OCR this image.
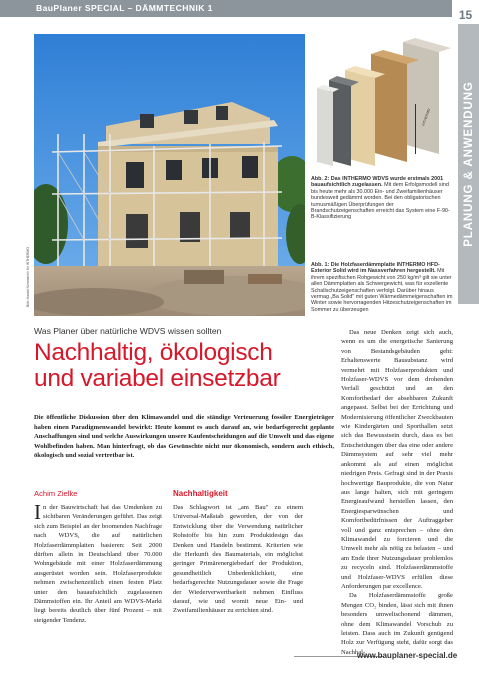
BauPlaner SPECIAL – DÄMMTECHNIK 1	15
PLANUNG & ANWENDUNG
Bild: Harald Nümmerich für INTHERMO
INTHERMO
Abb. 2: Das INTHERMO WDVS wurde erstmals 2001 bauaufsichtlich zugelassen. Mit dem Erfolgsmodell sind bis heute mehr als 30.000 Ein- und Zweifamilienhäuser bundesweit gedämmt worden. Bei den obligatorischen turnusmäßigen Überprüfungen der Brandschutzeigenschaften erreicht das System eine F-90-B-Klassifizierung
Abb. 1: Die Holzfaserdämmplatte INTHERMO HFD-Exterior Solid wird im Nassverfahren hergestellt. Mit ihrem spezifischen Rohgewicht von 250 kg/m³ gilt sie unter allen Dämmplatten als Schwergewicht, was für exzellente Schallschutzeigenschaften verfolgt. Darüber hinaus vermag „Ba Solid" mit guten Wärmedämmeigenschaften im Winter sowie hervorragenden Hitzeschutzeigenschaften im Sommer zu überzeugen
Was Planer über natürliche WDVS wissen sollten
Nachhaltig, ökologisch
und variabel einsetzbar
Die öffentliche Diskussion über den Klimawandel und die ständige Verteuerung fossiler Energieträger haben einen Paradigmenwandel bewirkt: Heute kommt es auch darauf an, wie bedarfsgerecht geplante Anschaffungen sind und welche Auswirkungen unsere Kaufentscheidungen auf die Umwelt und das eigene Wohlbefinden haben. Man hinterfragt, ob das Gewünschte nicht nur ökonomisch, sondern auch ethisch, ökologisch und sozial vertretbar ist.
Achim Zielke	Nachhaltigkeit
In der Bauwirtschaft hat das Umdenken zu sichtbaren Veränderungen geführt. Das zeigt sich zum Beispiel an der boomenden Nachfrage nach WDVS, die auf natürlichen Holzfaserdämmplatten basieren: Seit 2000 dürften allein in Deutschland über 70.000 Wohngebäude mit einer Holzfaserdämmung ausgerüstet worden sein. Holzfaserprodukte nehmen zwischenzeitlich einen festen Platz unter den bauaufsichtlich zugelassenen Dämmstoffen ein. Ihr Anteil am WDVS-Markt liegt bereits deutlich über fünf Prozent – mit steigender Tendenz.
Das Schlagwort ist „am Bau" zu einem Universal-Maßstab geworden, der von der Entwicklung über die Verwendung natürlicher Rohstoffe bis hin zum Produktdesign das Denken und Handeln bestimmt. Kriterien wie die Herkunft des Baumaterials, ein möglichst geringer Primärenergiebedarf der Produktion, gesundheitlich Unbedenklichkeit, eine bedarfsgerechte Nutzungsdauer sowie die Frage der Wiederverwertbarkeit nehmen Einfluss darauf, wie und womit neue Ein- und Zweifamilienhäuser zu errichten sind.
Das neue Denken zeigt sich auch, wenn es um die energetische Sanierung von Bestandsgebäuden geht: Erhaltenswerte Bausubstanz wird vermehrt mit Holzfaserprodukten und Holzfaser-WDVS vor dem drohenden Verfall geschützt und an den Komfortbedarf der absehbaren Zukunft angepasst. Selbst bei der Errichtung und Modernisierung öffentlicher Zweckbauten wie Kindergärten und Sporthallen setzt sich das Bewusstsein durch, dass es bei Entscheidungen über das eine oder andere Dämmsystem auf sehr viel mehr ankommt als auf einen möglichst niedrigen Preis. Gefragt sind in der Praxis hochwertige Bauprodukte, die von Natur aus lange halten, sich mit geringem Energieaufwand herstellen lassen, den Energiesparwünschen und Komfortbedürfnissen der Auftraggeber voll und ganz entsprechen – ohne den Klimawandel zu forcieren und die Umwelt mehr als nötig zu belasten – und am Ende ihrer Nutzungsdauer problemlos zu recyceln sind. Holzfaserdämmstoffe und Holzfaser-WDVS erfüllen diese Anforderungen par excellence.
Da Holzfaserdämmstoffe große Mengen CO₂ binden, lässt sich mit ihnen besonders umweltschonend dämmen, ohne dem Klimawandel Vorschub zu leisten. Dass auch im Zukunft genügend Holz zur Verfügung steht, dafür sorgt das Nachhal-
www.bauplaner-special.de
